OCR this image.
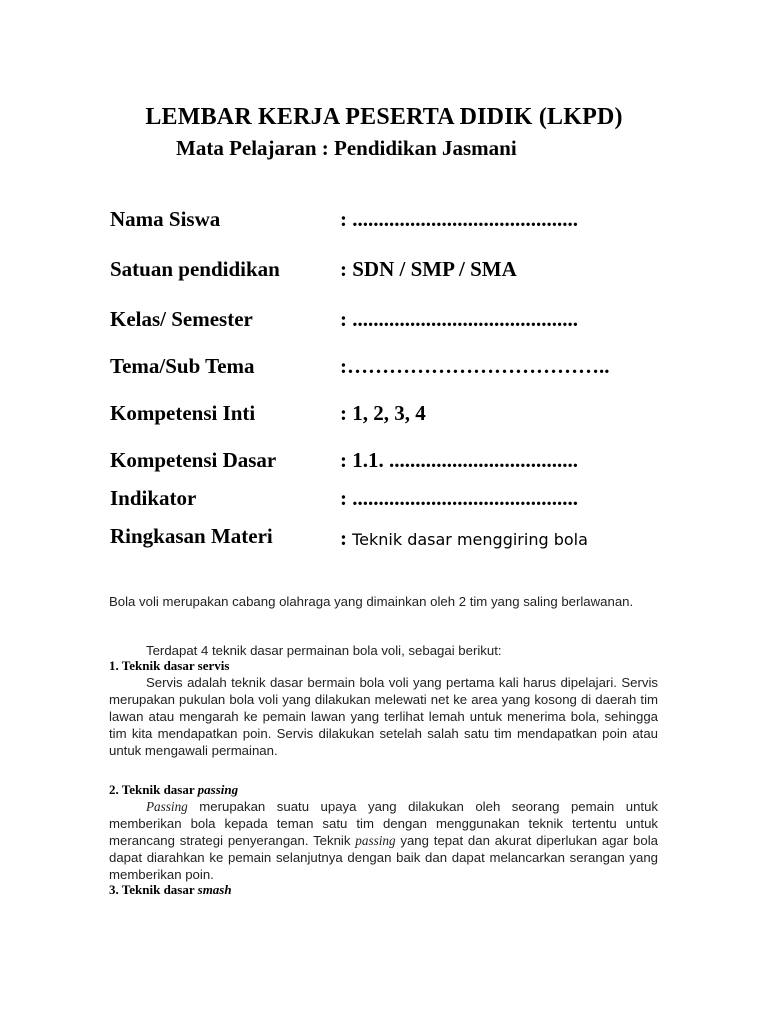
LEMBAR KERJA PESERTA DIDIK (LKPD)
Mata Pelajaran : Pendidikan Jasmani
Nama Siswa	: ...........................................
Satuan pendidikan	: SDN / SMP / SMA
Kelas/ Semester	: ...........................................
Tema/Sub Tema	:………………………………..
Kompetensi Inti	: 1, 2, 3, 4
Kompetensi Dasar	: 1.1. ....................................
Indikator	: ...........................................
Ringkasan Materi	: Teknik dasar menggiring bola
Bola voli merupakan cabang olahraga yang dimainkan oleh 2 tim yang saling berlawanan.
Terdapat 4 teknik dasar permainan bola voli, sebagai berikut:
1. Teknik dasar servis
Servis adalah teknik dasar bermain bola voli yang pertama kali harus dipelajari. Servis merupakan pukulan bola voli yang dilakukan melewati net ke area yang kosong di daerah tim lawan atau mengarah ke pemain lawan yang terlihat lemah untuk menerima bola, sehingga tim kita mendapatkan poin. Servis dilakukan setelah salah satu tim mendapatkan poin atau untuk mengawali permainan.
2. Teknik dasar passing
Passing merupakan suatu upaya yang dilakukan oleh seorang pemain untuk memberikan bola kepada teman satu tim dengan menggunakan teknik tertentu untuk merancang strategi penyerangan. Teknik passing yang tepat dan akurat diperlukan agar bola dapat diarahkan ke pemain selanjutnya dengan baik dan dapat melancarkan serangan yang memberikan poin.
3. Teknik dasar smash
